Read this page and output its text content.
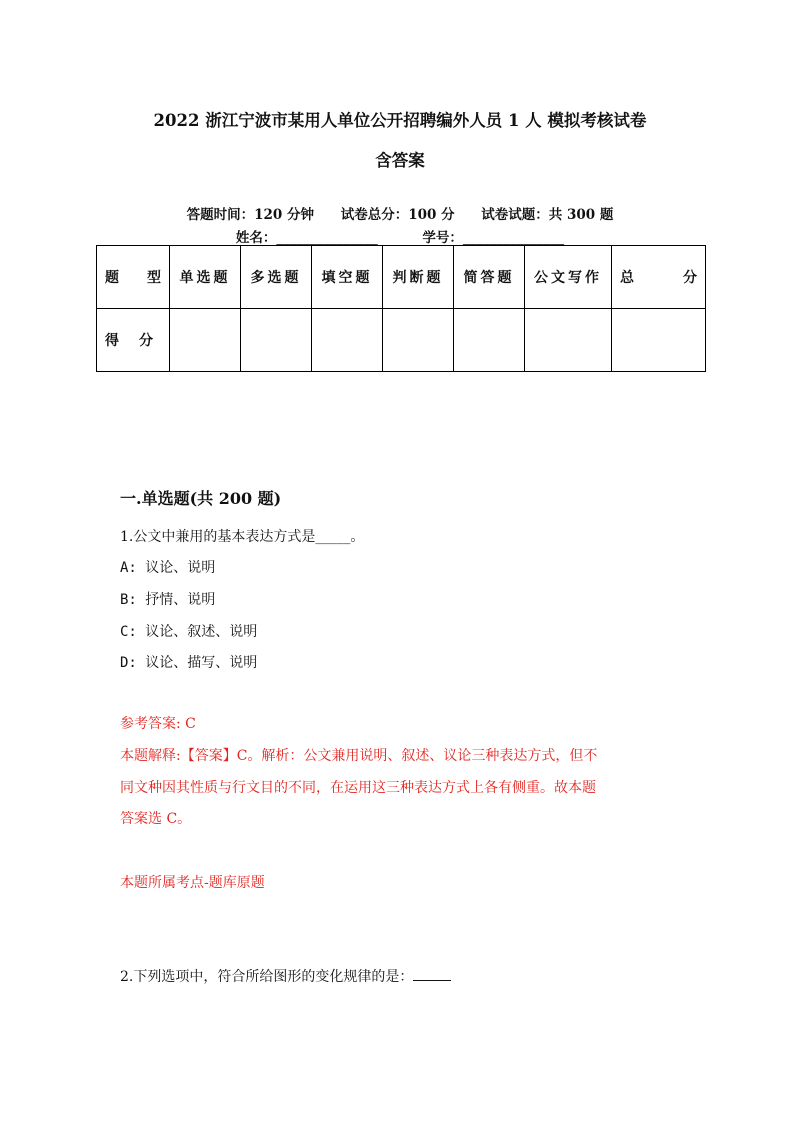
2022 浙江宁波市某用人单位公开招聘编外人员 1 人 模拟考核试卷
含答案
答题时间：120 分钟 试卷总分：100 分 试卷试题：共 300 题
姓名：_______________	学号：_______________
题 型	单选题	多选题	填空题	判断题	简答题	公文写作	总 分

得 分							

一.单选题(共 200 题)
1.公文中兼用的基本表达方式是_____。
A: 议论、说明
B: 抒情、说明
C: 议论、叙述、说明
D: 议论、描写、说明
参考答案: C
本题解释:【答案】C。解析：公文兼用说明、叙述、议论三种表达方式，但不
同文种因其性质与行文目的不同，在运用这三种表达方式上各有侧重。故本题
答案选 C。
本题所属考点-题库原题
2.下列选项中，符合所给图形的变化规律的是：
